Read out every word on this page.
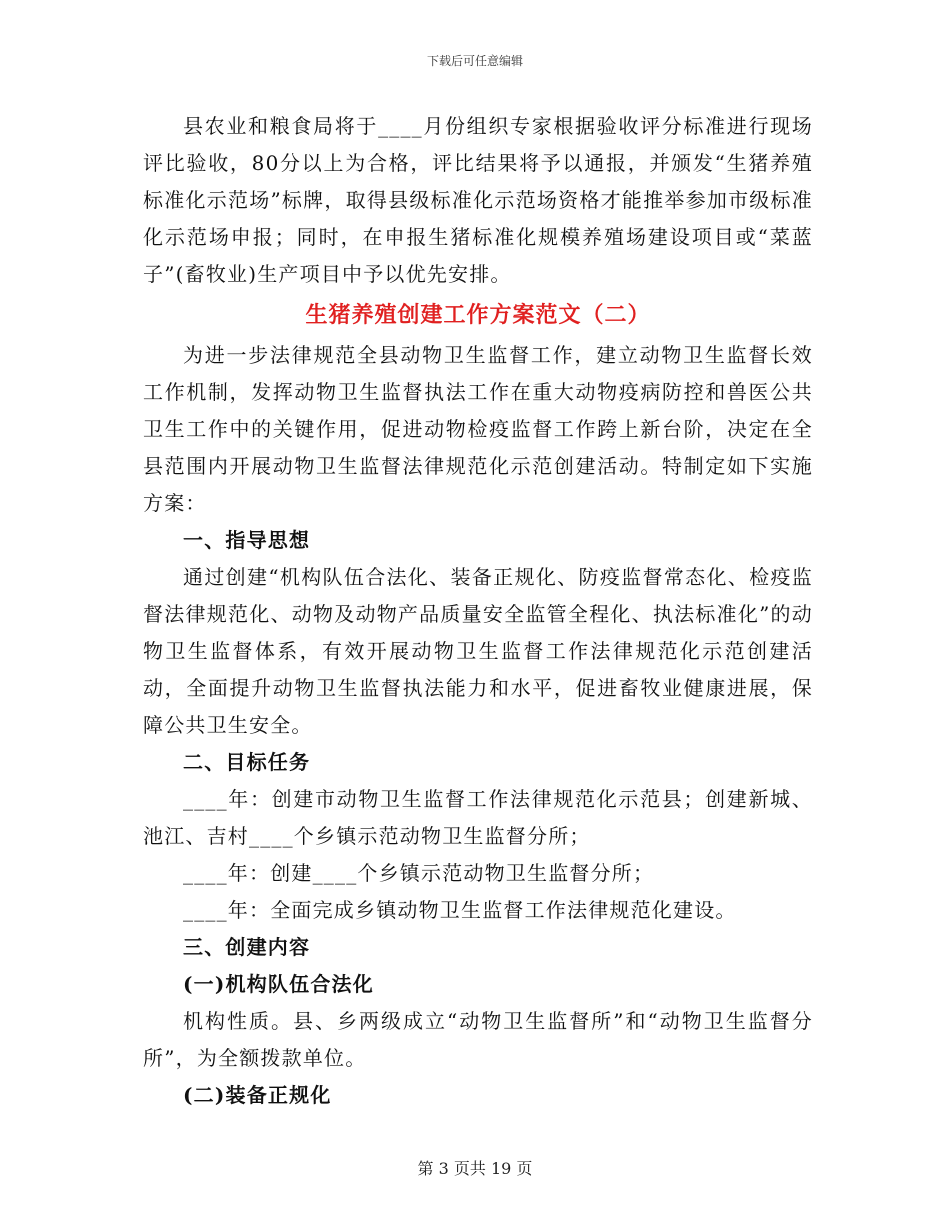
下载后可任意编辑

县农业和粮食局将于____月份组织专家根据验收评分标准进行现场评比验收，80分以上为合格，评比结果将予以通报，并颁发“生猪养殖标准化示范场”标牌，取得县级标准化示范场资格才能推举参加市级标准化示范场申报；同时，在申报生猪标准化规模养殖场建设项目或“菜蓝子”(畜牧业)生产项目中予以优先安排。

生猪养殖创建工作方案范文（二）

为进一步法律规范全县动物卫生监督工作，建立动物卫生监督长效工作机制，发挥动物卫生监督执法工作在重大动物疫病防控和兽医公共卫生工作中的关键作用，促进动物检疫监督工作跨上新台阶，决定在全县范围内开展动物卫生监督法律规范化示范创建活动。特制定如下实施方案：

一、指导思想

通过创建“机构队伍合法化、装备正规化、防疫监督常态化、检疫监督法律规范化、动物及动物产品质量安全监管全程化、执法标准化”的动物卫生监督体系，有效开展动物卫生监督工作法律规范化示范创建活动，全面提升动物卫生监督执法能力和水平，促进畜牧业健康进展，保障公共卫生安全。

二、目标任务

____年：创建市动物卫生监督工作法律规范化示范县；创建新城、池江、吉村____个乡镇示范动物卫生监督分所；

____年：创建____个乡镇示范动物卫生监督分所；

____年：全面完成乡镇动物卫生监督工作法律规范化建设。

三、创建内容

(一)机构队伍合法化

机构性质。县、乡两级成立“动物卫生监督所”和“动物卫生监督分所”，为全额拨款单位。

(二)装备正规化

第 3 页共 19 页
